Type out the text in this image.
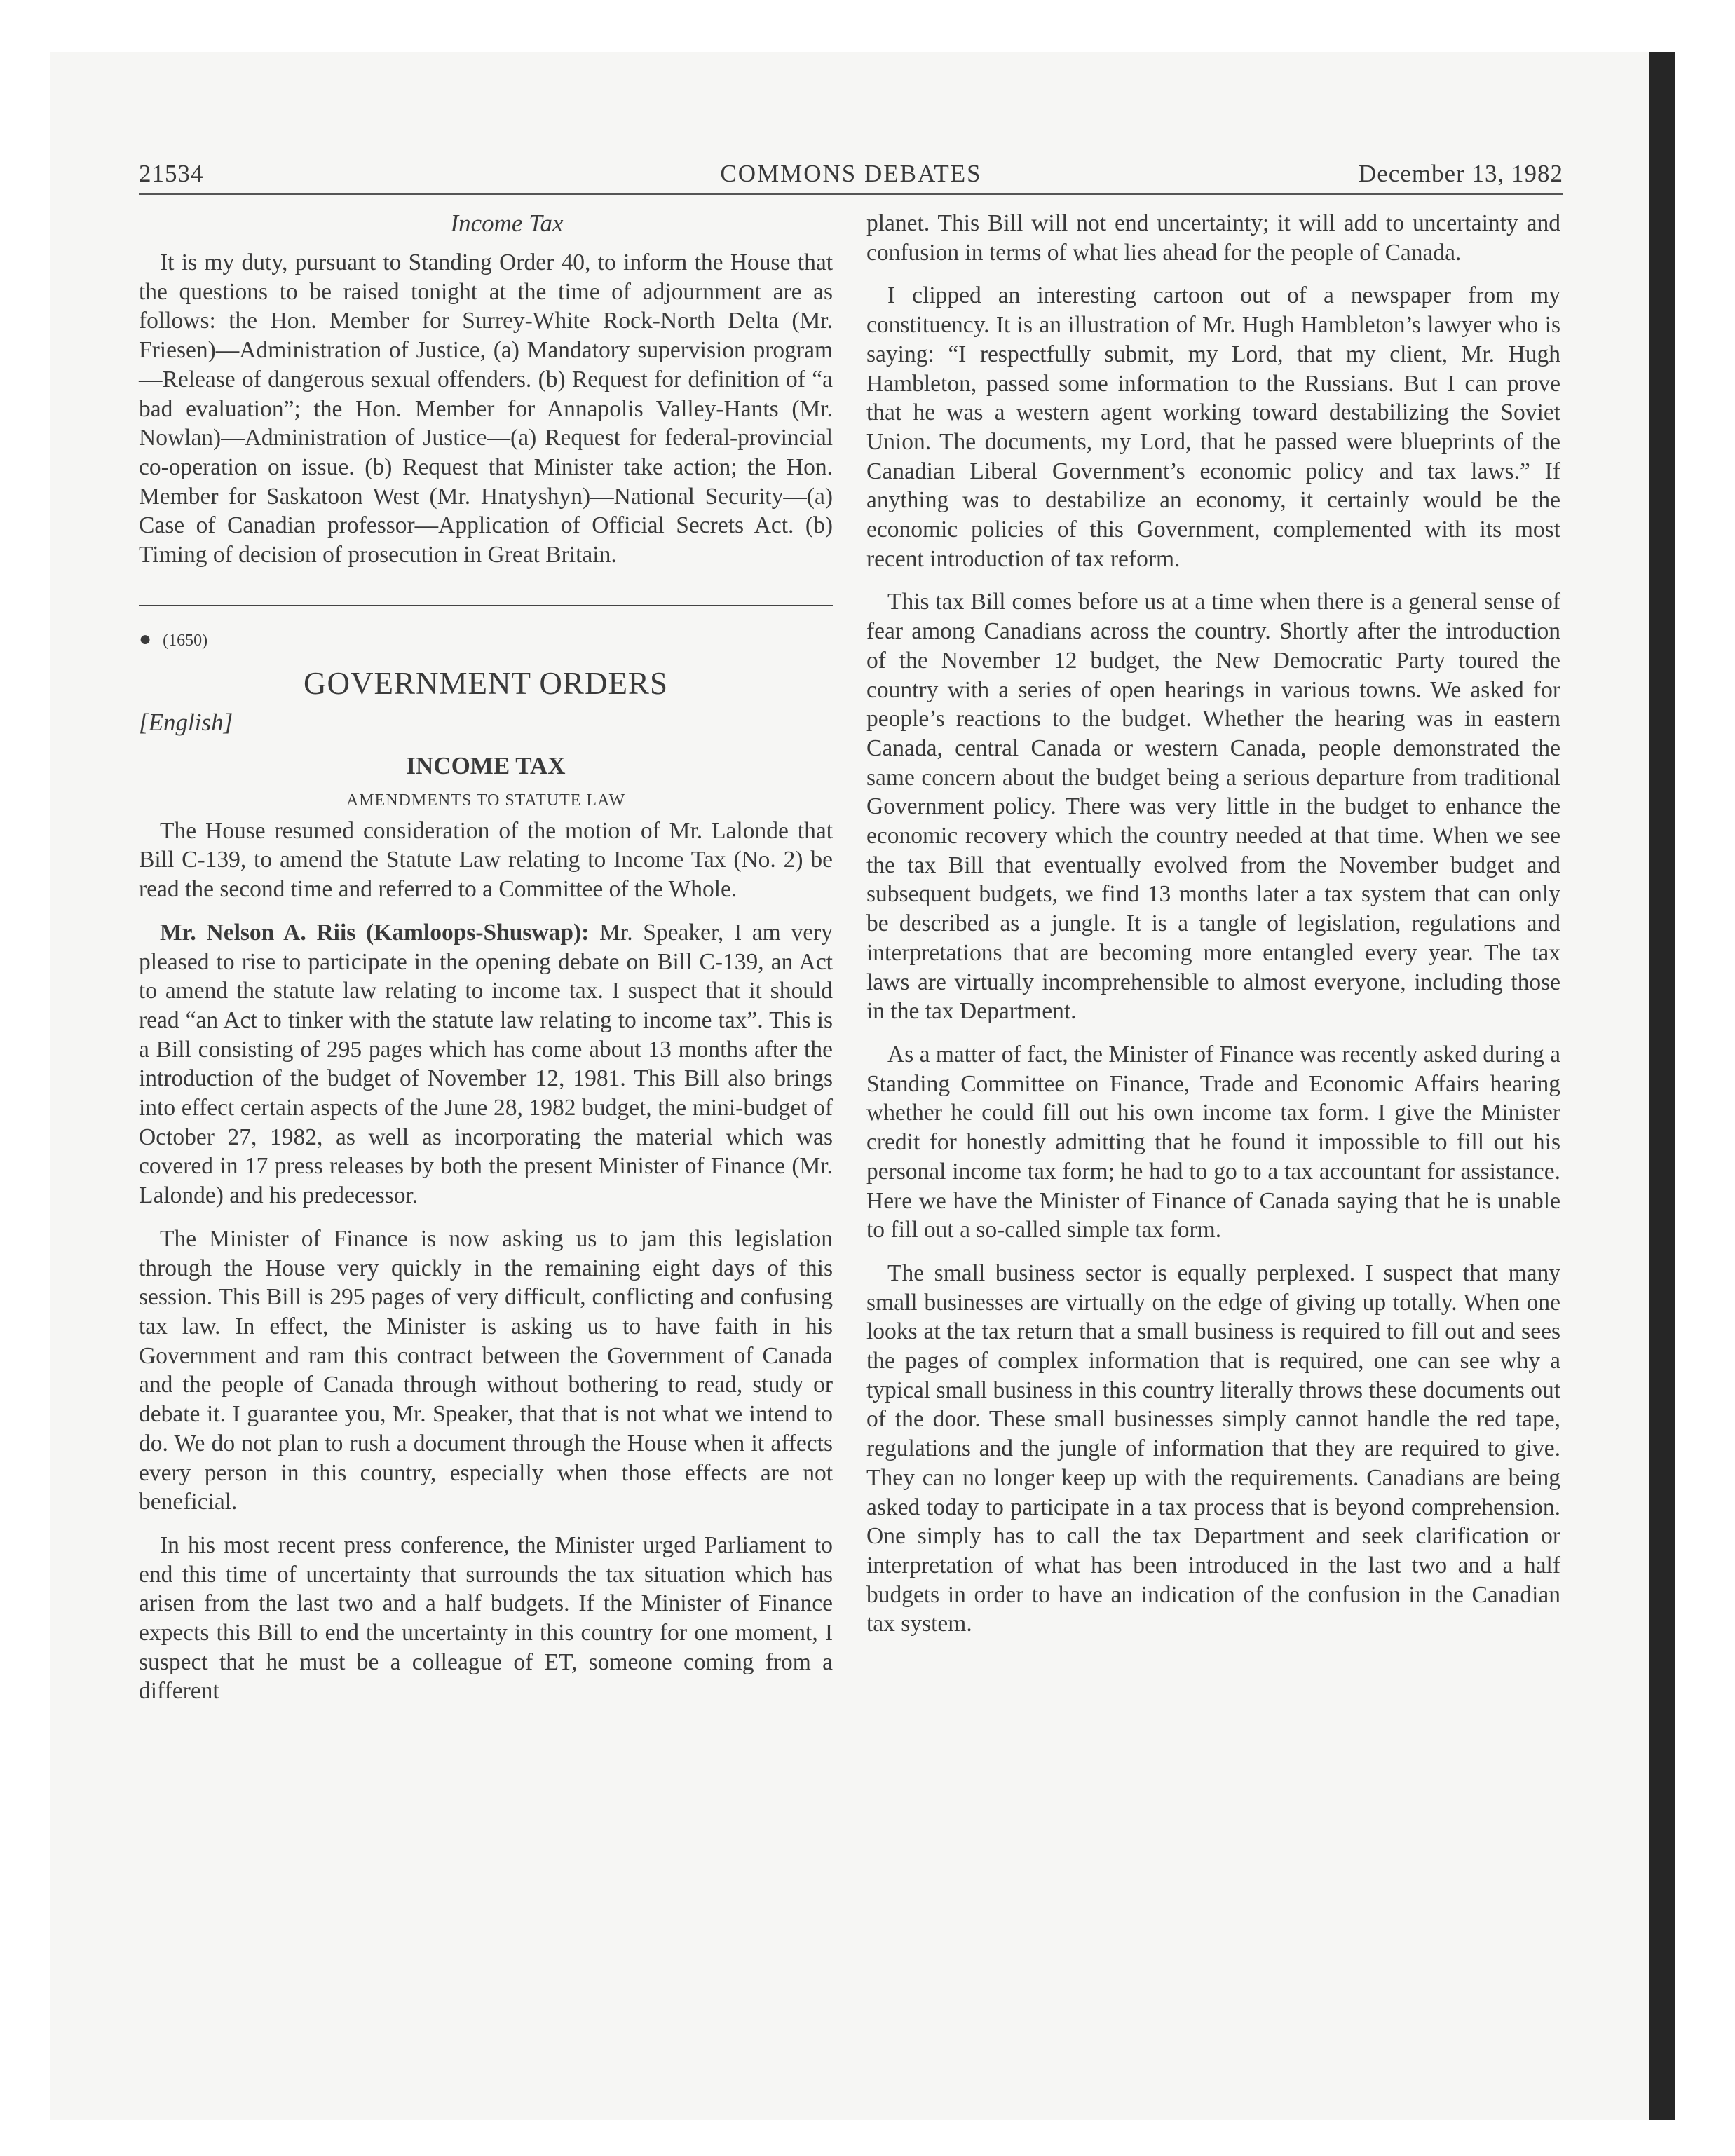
21534	COMMONS DEBATES	December 13, 1982
Income Tax

It is my duty, pursuant to Standing Order 40, to inform the House that the questions to be raised tonight at the time of adjournment are as follows: the Hon. Member for Surrey-White Rock-North Delta (Mr. Friesen)—Administration of Justice, (a) Mandatory supervision program—Release of dangerous sexual offenders. (b) Request for definition of “a bad evaluation”; the Hon. Member for Annapolis Valley-Hants (Mr. Nowlan)—Administration of Justice—(a) Request for federal-provincial co-operation on issue. (b) Request that Minister take action; the Hon. Member for Saskatoon West (Mr. Hnatyshyn)—National Security—(a) Case of Canadian professor—Application of Official Secrets Act. (b) Timing of decision of prosecution in Great Britain.

● (1650)
GOVERNMENT ORDERS
[English]
INCOME TAX
AMENDMENTS TO STATUTE LAW

The House resumed consideration of the motion of Mr. Lalonde that Bill C-139, to amend the Statute Law relating to Income Tax (No. 2) be read the second time and referred to a Committee of the Whole.

Mr. Nelson A. Riis (Kamloops-Shuswap): Mr. Speaker, I am very pleased to rise to participate in the opening debate on Bill C-139, an Act to amend the statute law relating to income tax. I suspect that it should read “an Act to tinker with the statute law relating to income tax”. This is a Bill consisting of 295 pages which has come about 13 months after the introduction of the budget of November 12, 1981. This Bill also brings into effect certain aspects of the June 28, 1982 budget, the mini-budget of October 27, 1982, as well as incorporating the material which was covered in 17 press releases by both the present Minister of Finance (Mr. Lalonde) and his predecessor.

The Minister of Finance is now asking us to jam this legislation through the House very quickly in the remaining eight days of this session. This Bill is 295 pages of very difficult, conflicting and confusing tax law. In effect, the Minister is asking us to have faith in his Government and ram this contract between the Government of Canada and the people of Canada through without bothering to read, study or debate it. I guarantee you, Mr. Speaker, that that is not what we intend to do. We do not plan to rush a document through the House when it affects every person in this country, especially when those effects are not beneficial.

In his most recent press conference, the Minister urged Parliament to end this time of uncertainty that surrounds the tax situation which has arisen from the last two and a half budgets. If the Minister of Finance expects this Bill to end the uncertainty in this country for one moment, I suspect that he must be a colleague of ET, someone coming from a different

planet. This Bill will not end uncertainty; it will add to uncertainty and confusion in terms of what lies ahead for the people of Canada.

I clipped an interesting cartoon out of a newspaper from my constituency. It is an illustration of Mr. Hugh Hambleton’s lawyer who is saying: “I respectfully submit, my Lord, that my client, Mr. Hugh Hambleton, passed some information to the Russians. But I can prove that he was a western agent working toward destabilizing the Soviet Union. The documents, my Lord, that he passed were blueprints of the Canadian Liberal Government’s economic policy and tax laws.” If anything was to destabilize an economy, it certainly would be the economic policies of this Government, complemented with its most recent introduction of tax reform.

This tax Bill comes before us at a time when there is a general sense of fear among Canadians across the country. Shortly after the introduction of the November 12 budget, the New Democratic Party toured the country with a series of open hearings in various towns. We asked for people’s reactions to the budget. Whether the hearing was in eastern Canada, central Canada or western Canada, people demonstrated the same concern about the budget being a serious departure from traditional Government policy. There was very little in the budget to enhance the economic recovery which the country needed at that time. When we see the tax Bill that eventually evolved from the November budget and subsequent budgets, we find 13 months later a tax system that can only be described as a jungle. It is a tangle of legislation, regulations and interpretations that are becoming more entangled every year. The tax laws are virtually incomprehensible to almost everyone, including those in the tax Department.

As a matter of fact, the Minister of Finance was recently asked during a Standing Committee on Finance, Trade and Economic Affairs hearing whether he could fill out his own income tax form. I give the Minister credit for honestly admitting that he found it impossible to fill out his personal income tax form; he had to go to a tax accountant for assistance. Here we have the Minister of Finance of Canada saying that he is unable to fill out a so-called simple tax form.

The small business sector is equally perplexed. I suspect that many small businesses are virtually on the edge of giving up totally. When one looks at the tax return that a small business is required to fill out and sees the pages of complex information that is required, one can see why a typical small business in this country literally throws these documents out of the door. These small businesses simply cannot handle the red tape, regulations and the jungle of information that they are required to give. They can no longer keep up with the requirements. Canadians are being asked today to participate in a tax process that is beyond comprehension. One simply has to call the tax Department and seek clarification or interpretation of what has been introduced in the last two and a half budgets in order to have an indication of the confusion in the Canadian tax system.
